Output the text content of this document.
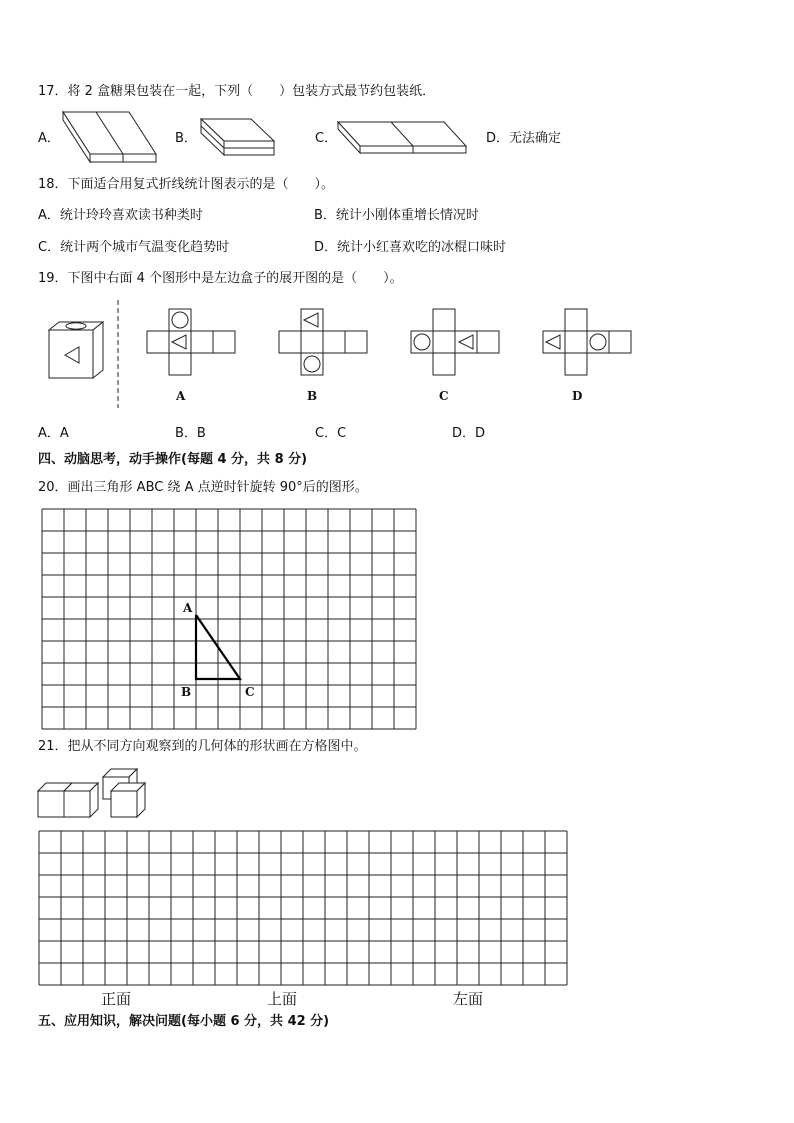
17．将 2 盒糖果包装在一起，下列（　　）包装方式最节约包装纸．
A．	B．	C．	D．无法确定
18．下面适合用复式折线统计图表示的是（　　）。
A．统计玲玲喜欢读书种类时	B．统计小刚体重增长情况时
C．统计两个城市气温变化趋势时	D．统计小红喜欢吃的冰棍口味时
19．下图中右面 4 个图形中是左边盒子的展开图的是（　　）。
A	B	C	D
A．A	B．B	C．C	D．D
四、动脑思考，动手操作(每题 4 分，共 8 分)
20．画出三角形 ABC 绕 A 点逆时针旋转 90°后的图形。
A
B	C
21．把从不同方向观察到的几何体的形状画在方格图中。
正面	上面	左面
五、应用知识，解决问题(每小题 6 分，共 42 分)
